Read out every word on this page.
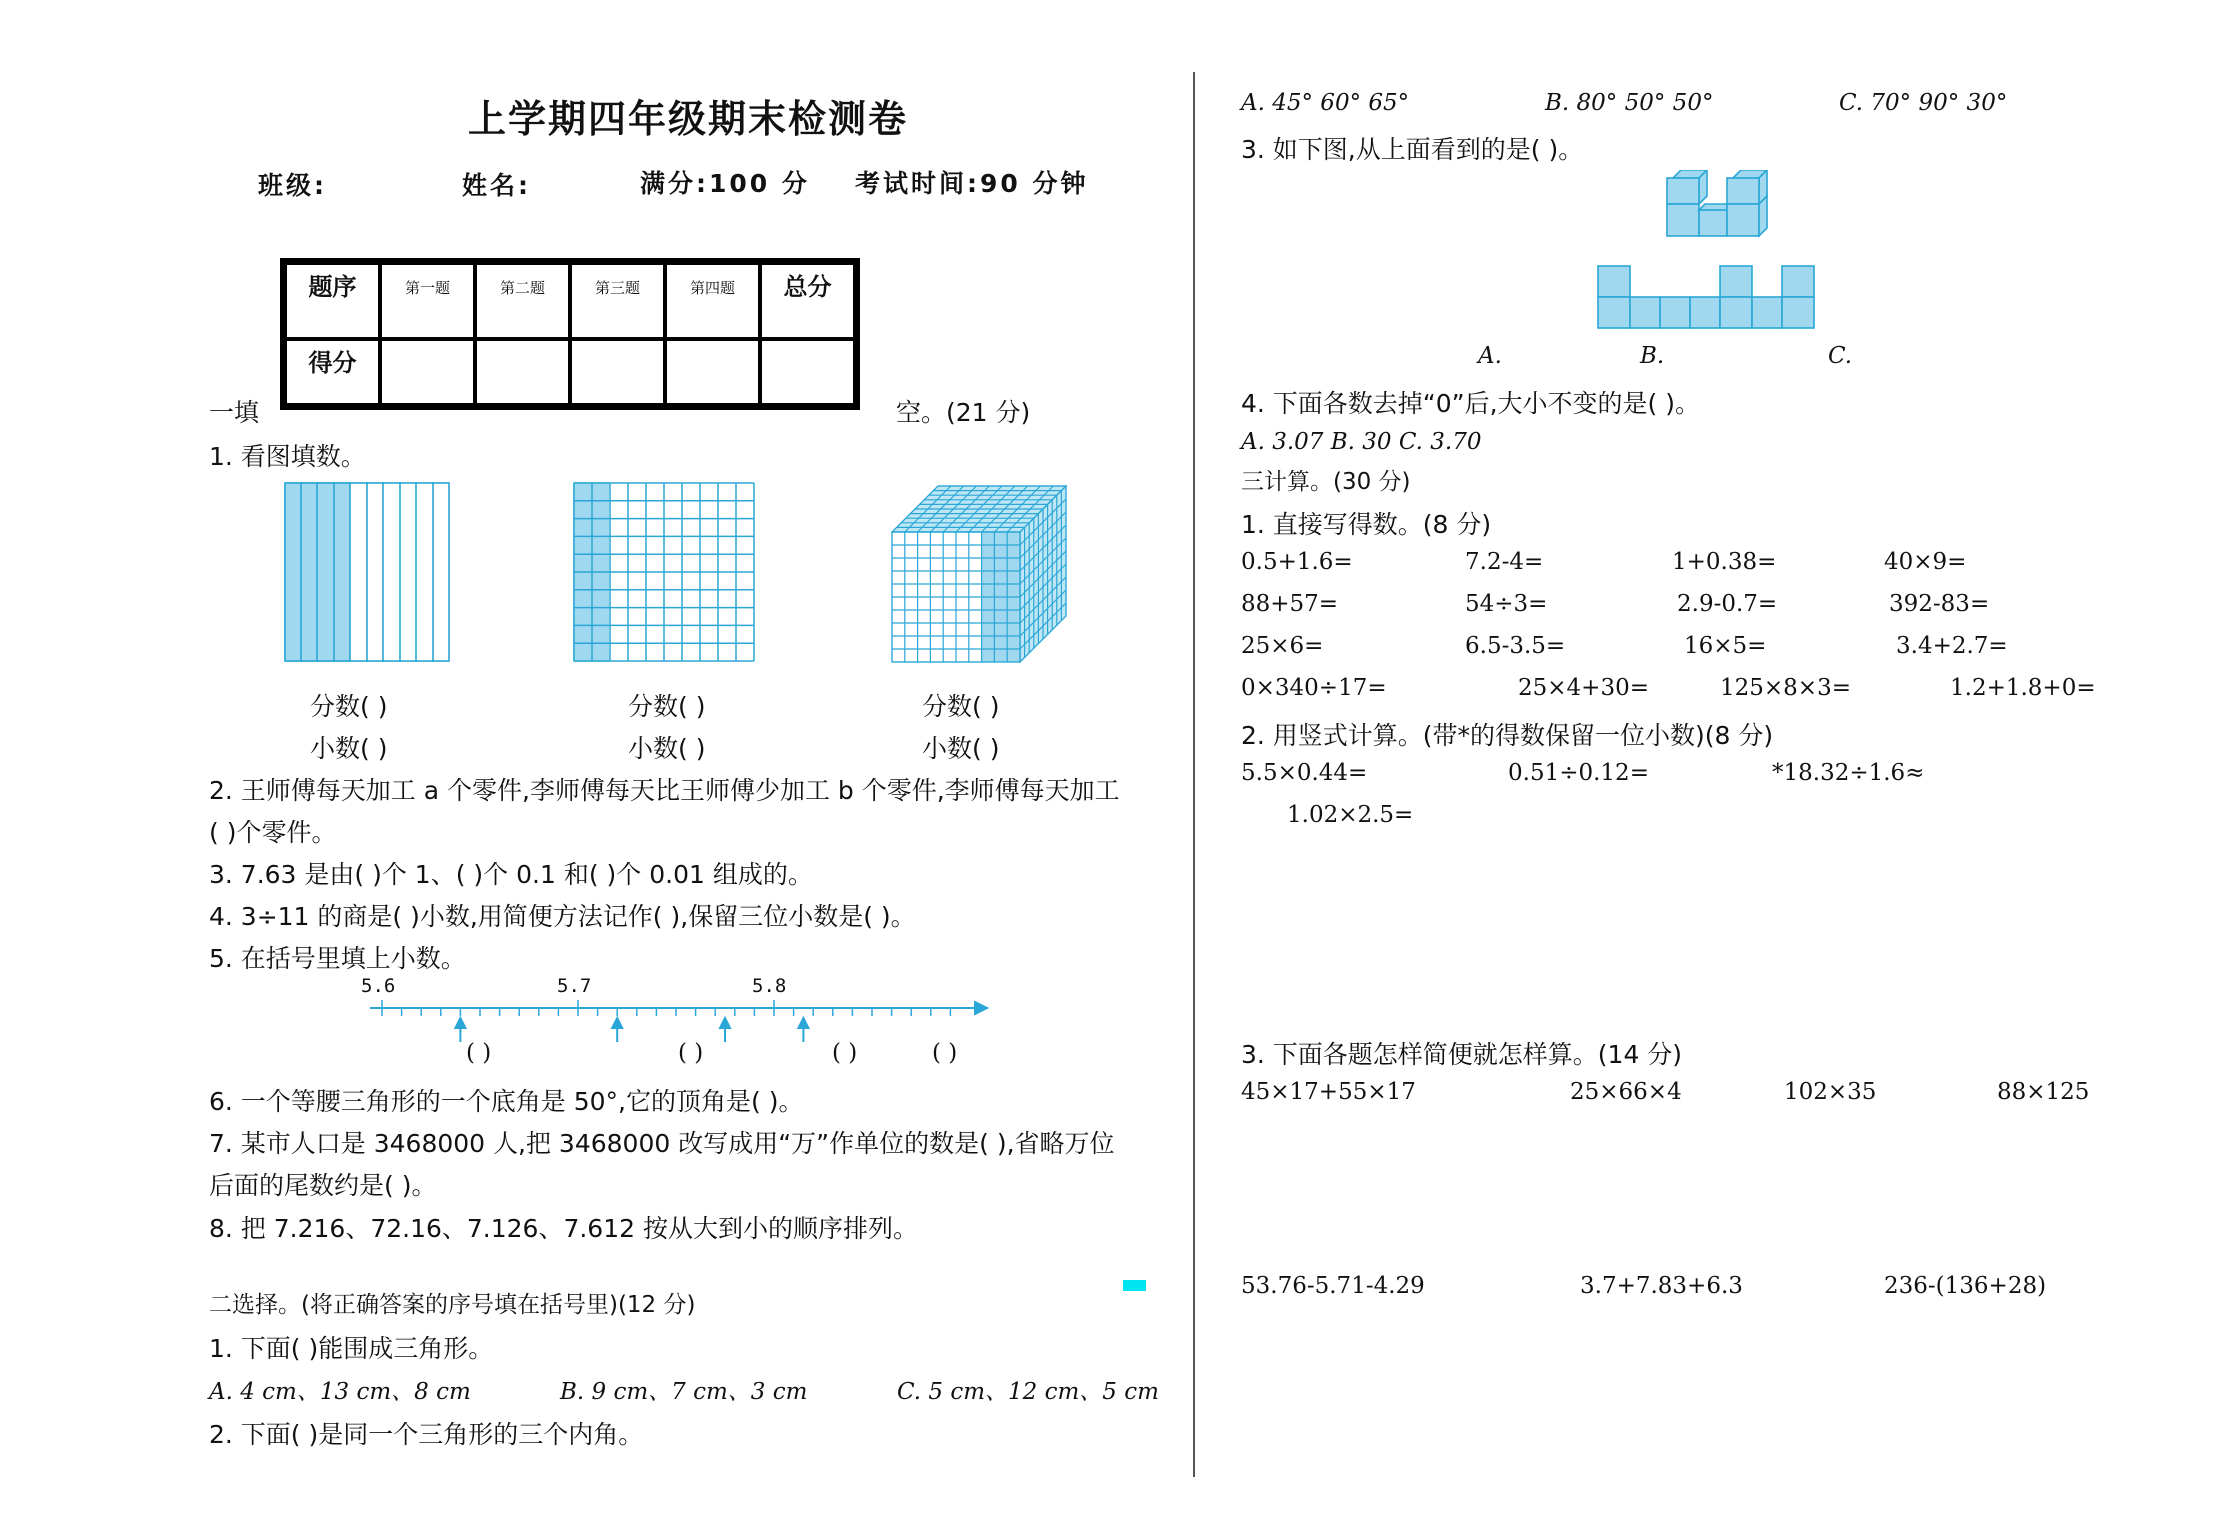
上学期四年级期末检测卷
班级:	姓名:	满分:100 分 考试时间:90 分钟
题序	第一题	第二题	第三题	第四题	总分
得分					
一填	空。(21 分)
1. 看图填数。
分数( )
小数( )
分数( )
小数( )
分数( )
小数( )
2. 王师傅每天加工 a 个零件,李师傅每天比王师傅少加工 b 个零件,李师傅每天加工
( )个零件。
3. 7.63 是由( )个 1、( )个 0.1 和( )个 0.01 组成的。
4. 3÷11 的商是( )小数,用简便方法记作( ),保留三位小数是( )。
5. 在括号里填上小数。
5.6	5.7	5.8
( )	( )	( )	( )
6. 一个等腰三角形的一个底角是 50°,它的顶角是( )。
7. 某市人口是 3468000 人,把 3468000 改写成用“万”作单位的数是( ),省略万位
后面的尾数约是( )。
8. 把 7.216、72.16、7.126、7.612 按从大到小的顺序排列。
二选择。(将正确答案的序号填在括号里)(12 分)
1. 下面( )能围成三角形。
A. 4 cm、13 cm、8 cm	B. 9 cm、7 cm、3 cm	C. 5 cm、12 cm、5 cm
2. 下面( )是同一个三角形的三个内角。
A. 45° 60° 65°	B. 80° 50° 50°	C. 70° 90° 30°
3. 如下图,从上面看到的是( )。
A.	B.	C.
4. 下面各数去掉“0”后,大小不变的是( )。
A. 3.07 B. 30 C. 3.70
三计算。(30 分)
1. 直接写得数。(8 分)
0.5+1.6=	7.2-4=	1+0.38=	40×9=
88+57=	54÷3=	2.9-0.7=	392-83=
25×6=	6.5-3.5=	16×5=	3.4+2.7=
0×340÷17=	25×4+30=	125×8×3=	1.2+1.8+0=
2. 用竖式计算。(带*的得数保留一位小数)(8 分)
5.5×0.44=	0.51÷0.12=	*18.32÷1.6≈
1.02×2.5=
3. 下面各题怎样简便就怎样算。(14 分)
45×17+55×17	25×66×4	102×35	88×125
53.76-5.71-4.29	3.7+7.83+6.3	236-(136+28)
